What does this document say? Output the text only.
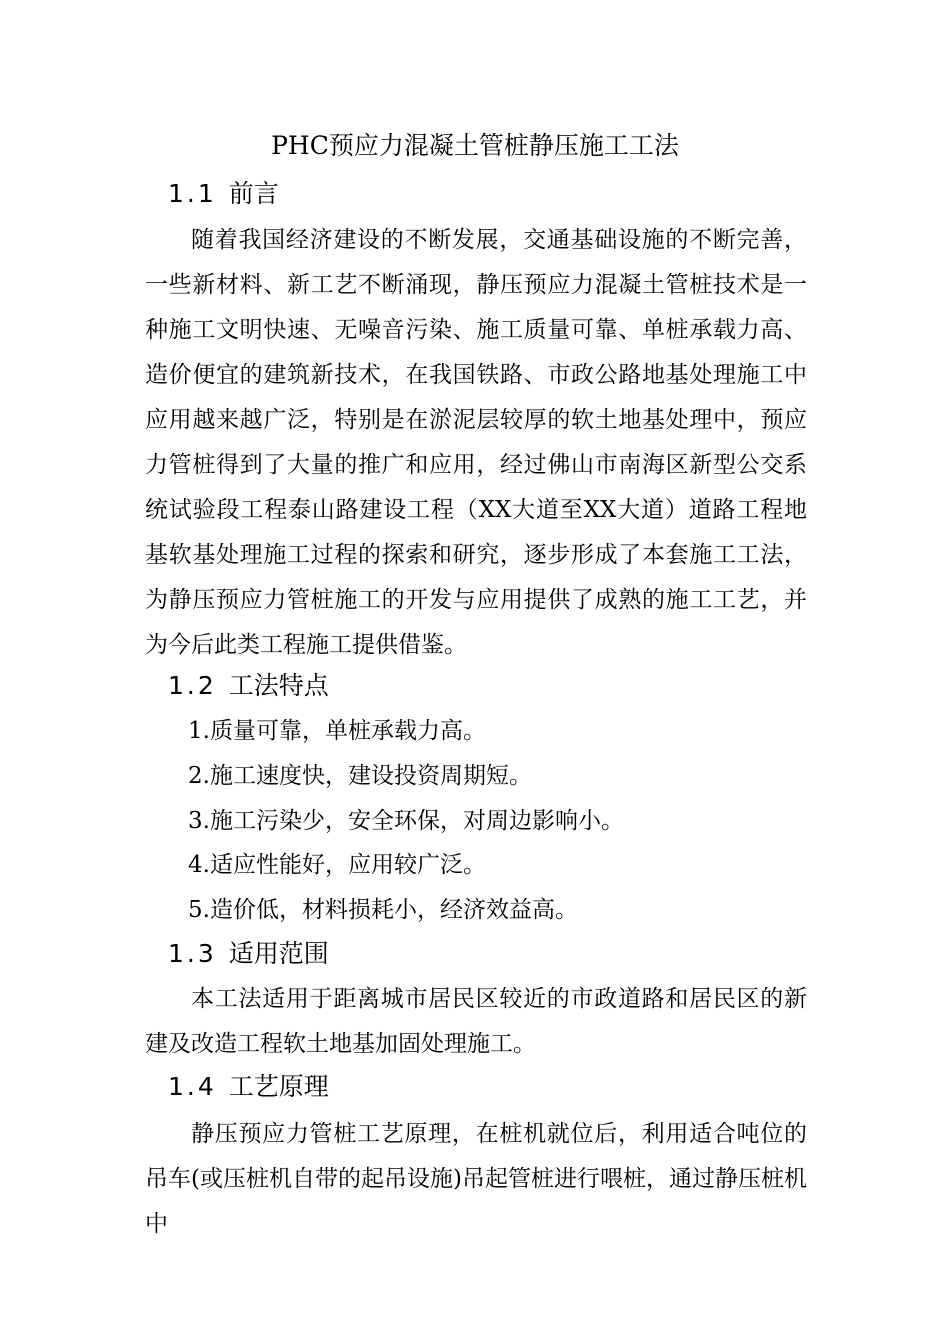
PHC预应力混凝土管桩静压施工工法
1.1 前言

随着我国经济建设的不断发展，交通基础设施的不断完善，一些新材料、新工艺不断涌现，静压预应力混凝土管桩技术是一种施工文明快速、无噪音污染、施工质量可靠、单桩承载力高、造价便宜的建筑新技术，在我国铁路、市政公路地基处理施工中应用越来越广泛，特别是在淤泥层较厚的软土地基处理中，预应力管桩得到了大量的推广和应用，经过佛山市南海区新型公交系统试验段工程泰山路建设工程（XX大道至XX大道）道路工程地基软基处理施工过程的探索和研究，逐步形成了本套施工工法，为静压预应力管桩施工的开发与应用提供了成熟的施工工艺，并为今后此类工程施工提供借鉴。

1.2 工法特点
1.质量可靠，单桩承载力高。
2.施工速度快，建设投资周期短。
3.施工污染少，安全环保，对周边影响小。
4.适应性能好，应用较广泛。
5.造价低，材料损耗小，经济效益高。
1.3 适用范围

本工法适用于距离城市居民区较近的市政道路和居民区的新建及改造工程软土地基加固处理施工。

1.4 工艺原理

静压预应力管桩工艺原理，在桩机就位后，利用适合吨位的吊车(或压桩机自带的起吊设施)吊起管桩进行喂桩，通过静压桩机中
